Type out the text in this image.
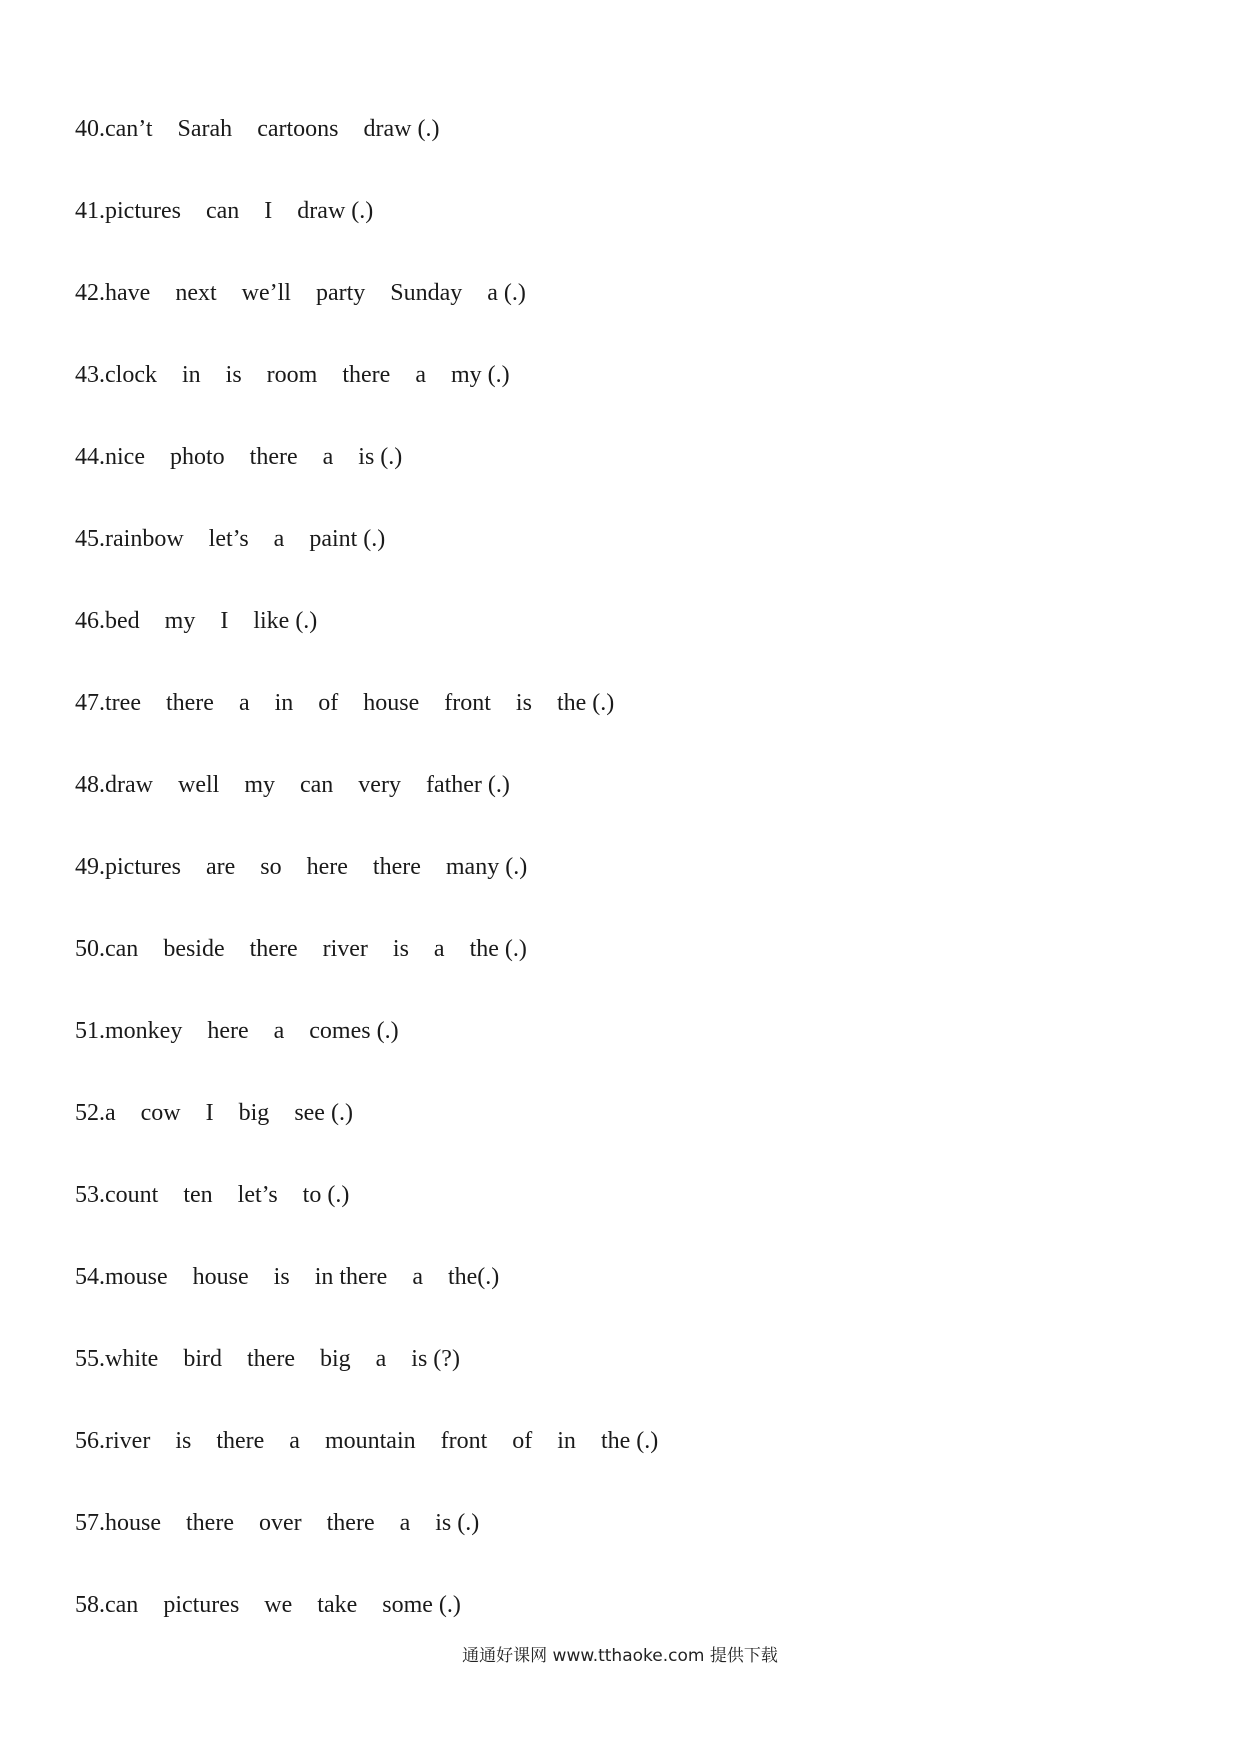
40.can’t Sarah cartoons draw (.)
41.pictures can I draw (.)
42.have next we’ll party Sunday a (.)
43.clock in is room there a my (.)
44.nice photo there a is (.)
45.rainbow let’s a paint (.)
46.bed my I like (.)
47.tree there a in of house front is the (.)
48.draw well my can very father (.)
49.pictures are so here there many (.)
50.can beside there river is a the (.)
51.monkey here a comes (.)
52.a cow I big see (.)
53.count ten let’s to (.)
54.mouse house is in there a the(.)
55.white bird there big a is (?)
56.river is there a mountain front of in the (.)
57.house there over there a is (.)
58.can pictures we take some (.)
通通好课网 www.tthaoke.com 提供下载
